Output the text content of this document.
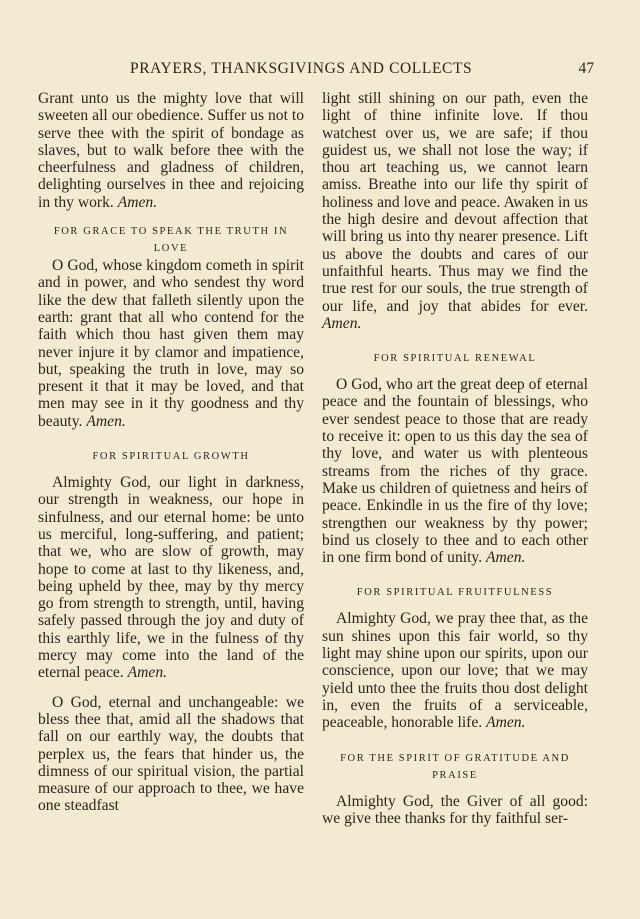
PRAYERS, THANKSGIVINGS AND COLLECTS	47

Grant unto us the mighty love that will sweeten all our obedience. Suffer us not to serve thee with the spirit of bondage as slaves, but to walk before thee with the cheerfulness and gladness of children, delighting ourselves in thee and rejoicing in thy work. Amen.

FOR GRACE TO SPEAK THE TRUTH IN LOVE

O God, whose kingdom cometh in spirit and in power, and who sendest thy word like the dew that falleth silently upon the earth: grant that all who contend for the faith which thou hast given them may never injure it by clamor and impatience, but, speaking the truth in love, may so present it that it may be loved, and that men may see in it thy goodness and thy beauty. Amen.

FOR SPIRITUAL GROWTH

Almighty God, our light in darkness, our strength in weakness, our hope in sinfulness, and our eternal home: be unto us merciful, long-suffering, and patient; that we, who are slow of growth, may hope to come at last to thy likeness, and, being upheld by thee, may by thy mercy go from strength to strength, until, having safely passed through the joy and duty of this earthly life, we in the fulness of thy mercy may come into the land of the eternal peace. Amen.

O God, eternal and unchangeable: we bless thee that, amid all the shadows that fall on our earthly way, the doubts that perplex us, the fears that hinder us, the dimness of our spiritual vision, the partial measure of our approach to thee, we have one steadfast

light still shining on our path, even the light of thine infinite love. If thou watchest over us, we are safe; if thou guidest us, we shall not lose the way; if thou art teaching us, we cannot learn amiss. Breathe into our life thy spirit of holiness and love and peace. Awaken in us the high desire and devout affection that will bring us into thy nearer presence. Lift us above the doubts and cares of our unfaithful hearts. Thus may we find the true rest for our souls, the true strength of our life, and joy that abides for ever. Amen.

FOR SPIRITUAL RENEWAL

O God, who art the great deep of eternal peace and the fountain of blessings, who ever sendest peace to those that are ready to receive it: open to us this day the sea of thy love, and water us with plenteous streams from the riches of thy grace. Make us children of quietness and heirs of peace. Enkindle in us the fire of thy love; strengthen our weakness by thy power; bind us closely to thee and to each other in one firm bond of unity. Amen.

FOR SPIRITUAL FRUITFULNESS

Almighty God, we pray thee that, as the sun shines upon this fair world, so thy light may shine upon our spirits, upon our conscience, upon our love; that we may yield unto thee the fruits thou dost delight in, even the fruits of a serviceable, peaceable, honorable life. Amen.

FOR THE SPIRIT OF GRATITUDE AND PRAISE

Almighty God, the Giver of all good: we give thee thanks for thy faithful ser-
